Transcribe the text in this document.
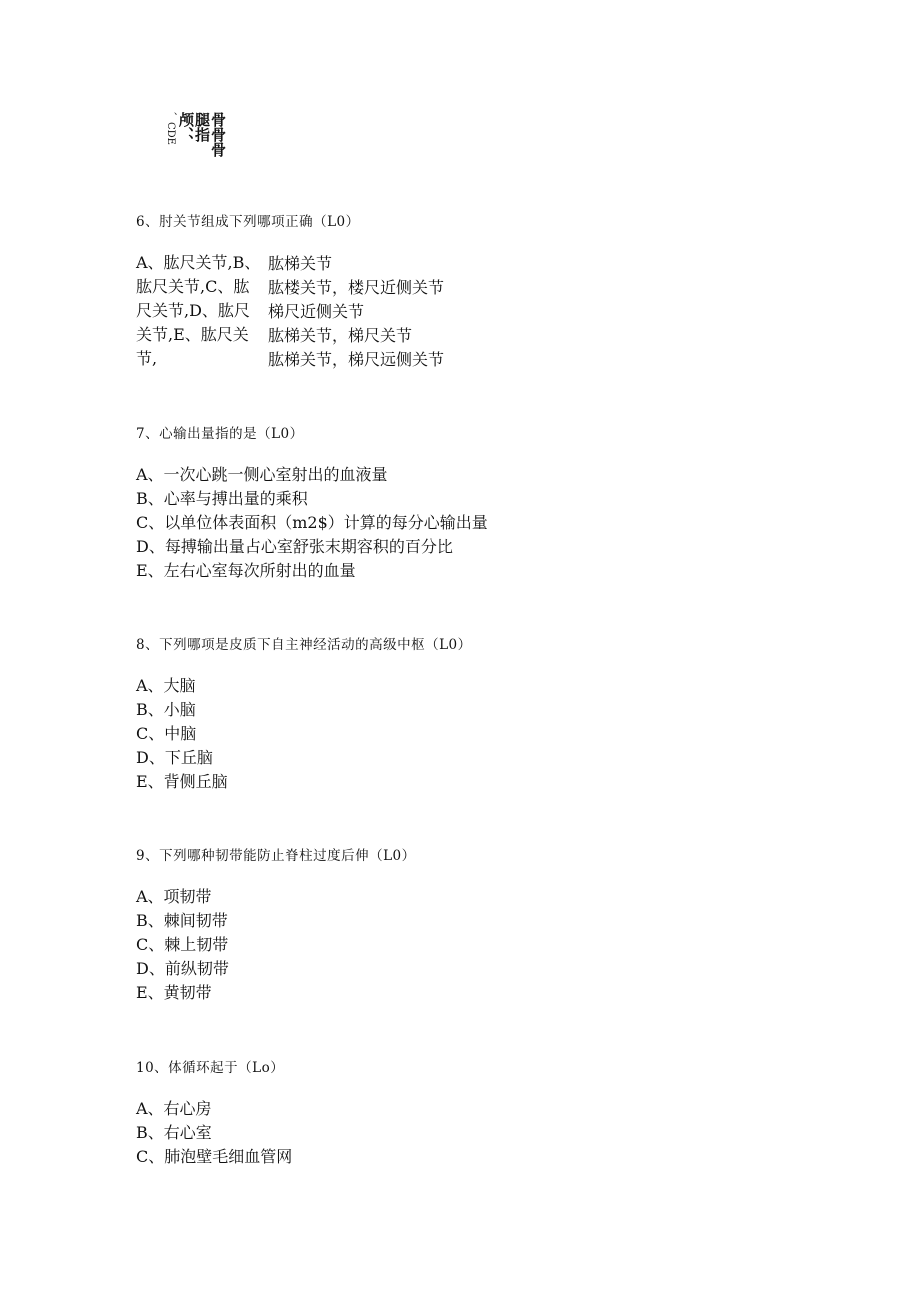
骨骨骨
腿指
颅、、
、CDE
6、肘关节组成下列哪项正确（L0）
A、肱尺关节,B、
肱尺关节,C、肱
尺关节,D、肱尺
关节,E、肱尺关
节,
肱梯关节
肱楼关节，楼尺近侧关节
梯尺近侧关节
肱梯关节，梯尺关节
肱梯关节，梯尺远侧关节
7、心输出量指的是（L0）
A、一次心跳一侧心室射出的血液量
B、心率与搏出量的乘积
C、以单位体表面积（m2$）计算的每分心输出量
D、每搏输出量占心室舒张末期容积的百分比
E、左右心室每次所射出的血量
8、下列哪项是皮质下自主神经活动的高级中枢（L0）
A、大脑
B、小脑
C、中脑
D、下丘脑
E、背侧丘脑
9、下列哪种韧带能防止脊柱过度后伸（L0）
A、项韧带
B、棘间韧带
C、棘上韧带
D、前纵韧带
E、黄韧带
10、体循环起于（Lo）
A、右心房
B、右心室
C、肺泡壁毛细血管网
